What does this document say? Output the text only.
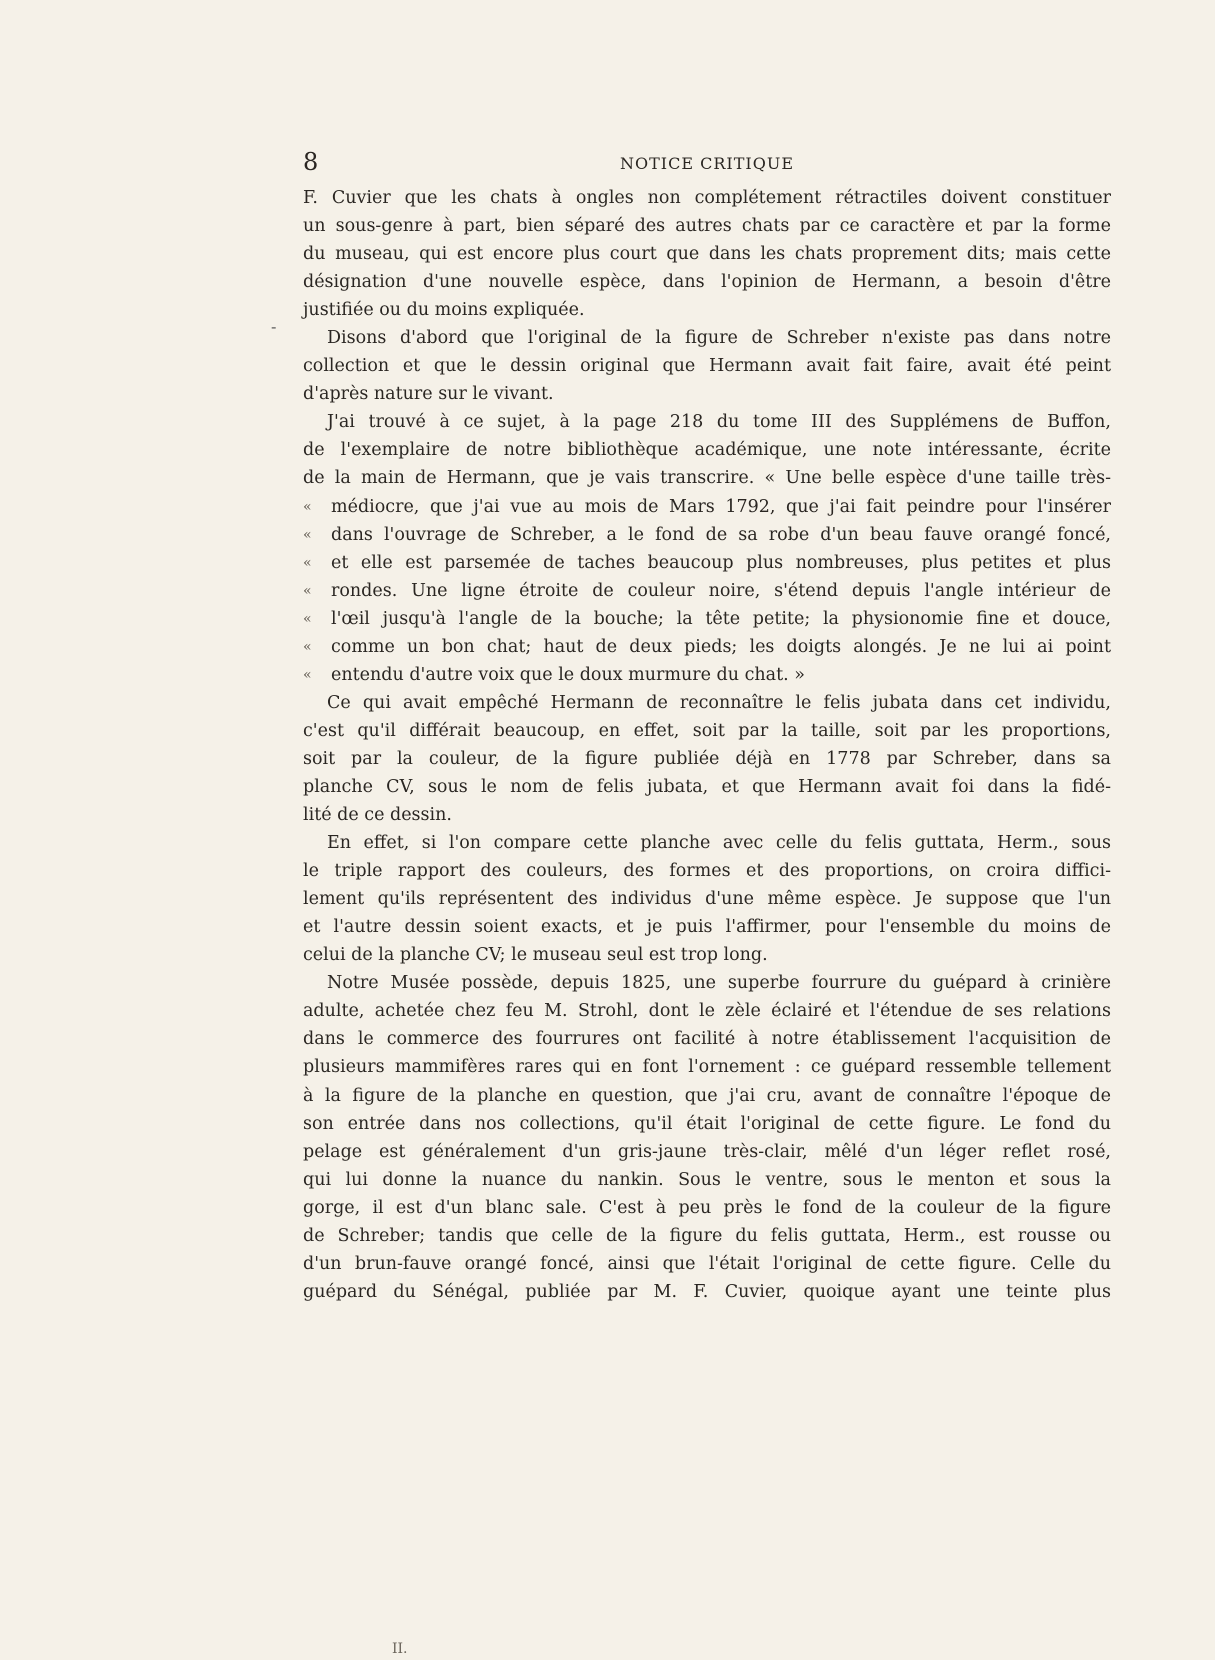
8	NOTICE CRITIQUE
-
F. Cuvier que les chats à ongles non complétement rétractiles doivent constituer
un sous-genre à part, bien séparé des autres chats par ce caractère et par la forme
du museau, qui est encore plus court que dans les chats proprement dits; mais cette
désignation d'une nouvelle espèce, dans l'opinion de Hermann, a besoin d'être
justifiée ou du moins expliquée.
Disons d'abord que l'original de la figure de Schreber n'existe pas dans notre
collection et que le dessin original que Hermann avait fait faire, avait été peint
d'après nature sur le vivant.
J'ai trouvé à ce sujet, à la page 218 du tome III des Supplémens de Buffon,
de l'exemplaire de notre bibliothèque académique, une note intéressante, écrite
de la main de Hermann, que je vais transcrire. « Une belle espèce d'une taille très-
« médiocre, que j'ai vue au mois de Mars 1792, que j'ai fait peindre pour l'insérer
« dans l'ouvrage de Schreber, a le fond de sa robe d'un beau fauve orangé foncé,
« et elle est parsemée de taches beaucoup plus nombreuses, plus petites et plus
« rondes. Une ligne étroite de couleur noire, s'étend depuis l'angle intérieur de
« l'œil jusqu'à l'angle de la bouche; la tête petite; la physionomie fine et douce,
« comme un bon chat; haut de deux pieds; les doigts alongés. Je ne lui ai point
« entendu d'autre voix que le doux murmure du chat. »
Ce qui avait empêché Hermann de reconnaître le felis jubata dans cet individu,
c'est qu'il différait beaucoup, en effet, soit par la taille, soit par les proportions,
soit par la couleur, de la figure publiée déjà en 1778 par Schreber, dans sa
planche CV, sous le nom de felis jubata, et que Hermann avait foi dans la fidé-
lité de ce dessin.
En effet, si l'on compare cette planche avec celle du felis guttata, Herm., sous
le triple rapport des couleurs, des formes et des proportions, on croira diffici-
lement qu'ils représentent des individus d'une même espèce. Je suppose que l'un
et l'autre dessin soient exacts, et je puis l'affirmer, pour l'ensemble du moins de
celui de la planche CV; le museau seul est trop long.
Notre Musée possède, depuis 1825, une superbe fourrure du guépard à crinière
adulte, achetée chez feu M. Strohl, dont le zèle éclairé et l'étendue de ses relations
dans le commerce des fourrures ont facilité à notre établissement l'acquisition de
plusieurs mammifères rares qui en font l'ornement : ce guépard ressemble tellement
à la figure de la planche en question, que j'ai cru, avant de connaître l'époque de
son entrée dans nos collections, qu'il était l'original de cette figure. Le fond du
pelage est généralement d'un gris-jaune très-clair, mêlé d'un léger reflet rosé,
qui lui donne la nuance du nankin. Sous le ventre, sous le menton et sous la
gorge, il est d'un blanc sale. C'est à peu près le fond de la couleur de la figure
de Schreber; tandis que celle de la figure du felis guttata, Herm., est rousse ou
d'un brun-fauve orangé foncé, ainsi que l'était l'original de cette figure. Celle du
guépard du Sénégal, publiée par M. F. Cuvier, quoique ayant une teinte plus
II.
